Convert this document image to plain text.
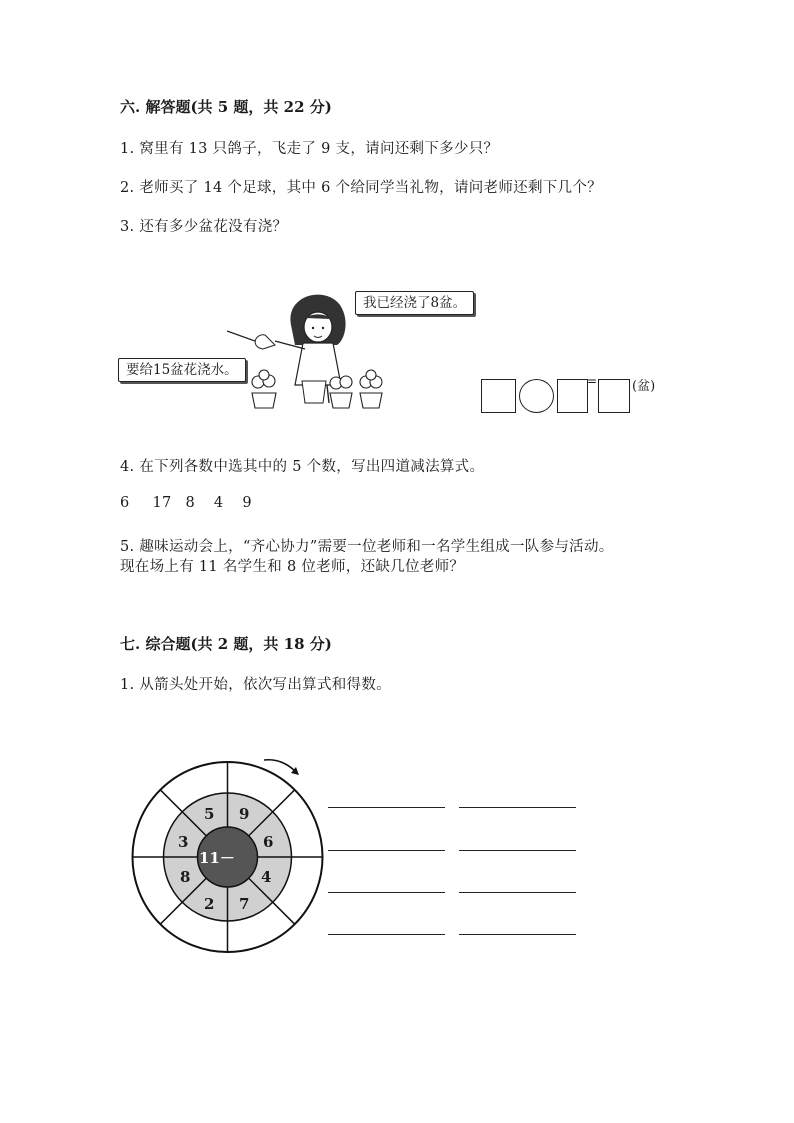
六. 解答题(共 5 题，共 22 分)
1. 窝里有 13 只鸽子，飞走了 9 支，请问还剩下多少只？
2. 老师买了 14 个足球，其中 6 个给同学当礼物，请问老师还剩下几个？
3. 还有多少盆花没有浇？
我已经浇了8盆。
要给15盆花浇水。
=	(盆)
4. 在下列各数中选其中的 5 个数，写出四道减法算式。
6 17 8 4 9
5. 趣味运动会上，“齐心协力”需要一位老师和一名学生组成一队参与活动。
现在场上有 11 名学生和 8 位老师，还缺几位老师？
七. 综合题(共 2 题，共 18 分)
1. 从箭头处开始，依次写出算式和得数。
11－
9
6
4
7
2
8
3
5
